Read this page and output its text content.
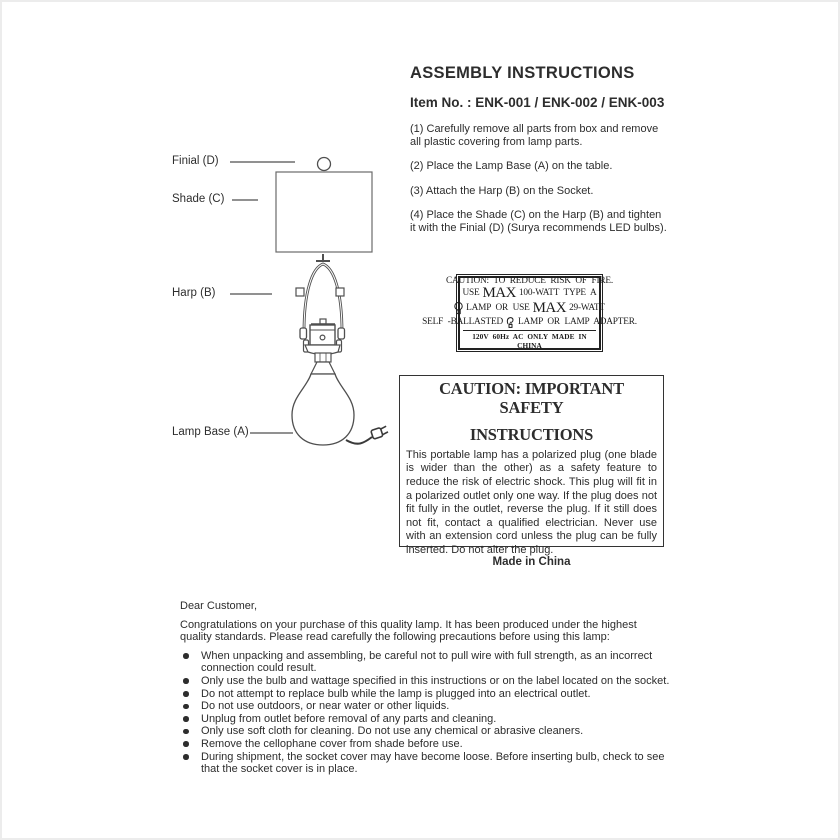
ASSEMBLY INSTRUCTIONS
Item No. : ENK-001 / ENK-002 / ENK-003

(1) Carefully remove all parts from box and remove all plastic covering from lamp parts.

(2) Place the Lamp Base (A) on the table.

(3) Attach the Harp (B) on the Socket.

(4) Place the Shade (C) on the Harp (B) and tighten it with the Finial (D) (Surya recommends LED bulbs).

Finial (D)
Shade (C)
Harp (B)
Lamp Base (A)
CAUTION: TO REDUCE RISK OF FIRE.
USE MAX 100-WATT TYPE A
LAMP OR USE MAX 29-WATT
SELF -BALLASTED LAMP OR LAMP ADAPTER.
120V 60Hz AC ONLY MADE IN CHINA
CAUTION: IMPORTANT SAFETY
INSTRUCTIONS
This portable lamp has a polarized plug (one blade is wider than the other) as a safety feature to reduce the risk of electric shock. This plug will fit in a polarized outlet only one way. If the plug does not fit fully in the outlet, reverse the plug. If it still does not fit, contact a qualified electrician. Never use with an extension cord unless the plug can be fully inserted. Do not alter the plug.
Made in China
Dear Customer,
Congratulations on your purchase of this quality lamp. It has been produced under the highest quality standards. Please read carefully the following precautions before using this lamp:
When unpacking and assembling, be careful not to pull wire with full strength, as an incorrect connection could result.
Only use the bulb and wattage specified in this instructions or on the label located on the socket.
Do not attempt to replace bulb while the lamp is plugged into an electrical outlet.
Do not use outdoors, or near water or other liquids.
Unplug from outlet before removal of any parts and cleaning.
Only use soft cloth for cleaning. Do not use any chemical or abrasive cleaners.
Remove the cellophane cover from shade before use.
During shipment, the socket cover may have become loose. Before inserting bulb, check to see that the socket cover is in place.
